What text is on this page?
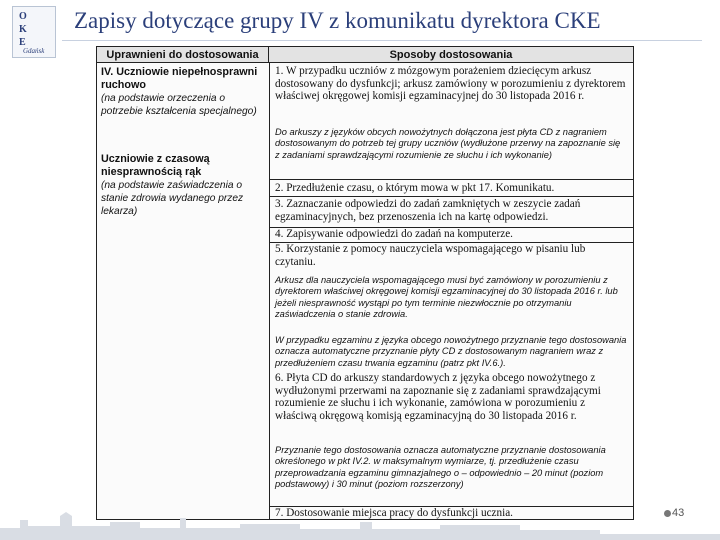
O
K
E
Gdańsk
Zapisy dotyczące grupy IV z komunikatu dyrektora CKE
Uprawnieni do dostosowania	Sposoby dostosowania
IV. Uczniowie niepełnosprawni ruchowo
(na podstawie orzeczenia o potrzebie kształcenia specjalnego)
Uczniowie z czasową niesprawnością rąk
(na podstawie zaświadczenia o stanie zdrowia wydanego przez lekarza)
1. W przypadku uczniów z mózgowym porażeniem dziecięcym arkusz dostosowany do dysfunkcji; arkusz zamówiony w porozumieniu z dyrektorem właściwej okręgowej komisji egzaminacyjnej do 30 listopada 2016 r.
Do arkuszy z języków obcych nowożytnych dołączona jest płyta CD z nagraniem dostosowanym do potrzeb tej grupy uczniów (wydłużone przerwy na zapoznanie się z zadaniami sprawdzającymi rozumienie ze słuchu i ich wykonanie)
2. Przedłużenie czasu, o którym mowa w pkt 17. Komunikatu.
3. Zaznaczanie odpowiedzi do zadań zamkniętych w zeszycie zadań egzaminacyjnych, bez przenoszenia ich na kartę odpowiedzi.
4. Zapisywanie odpowiedzi do zadań na komputerze.
5. Korzystanie z pomocy nauczyciela wspomagającego w pisaniu lub czytaniu.
Arkusz dla nauczyciela wspomagającego musi być zamówiony w porozumieniu z dyrektorem właściwej okręgowej komisji egzaminacyjnej do 30 listopada 2016 r. lub jeżeli niesprawność wystąpi po tym terminie niezwłocznie po otrzymaniu zaświadczenia o stanie zdrowia.
W przypadku egzaminu z języka obcego nowożytnego przyznanie tego dostosowania oznacza automatyczne przyznanie płyty CD z dostosowanym nagraniem wraz z przedłużeniem czasu trwania egzaminu (patrz pkt IV.6.).
6. Płyta CD do arkuszy standardowych z języka obcego nowożytnego z wydłużonymi przerwami na zapoznanie się z zadaniami sprawdzającymi rozumienie ze słuchu i ich wykonanie, zamówiona w porozumieniu z właściwą okręgową komisją egzaminacyjną do 30 listopada 2016 r.
Przyznanie tego dostosowania oznacza automatyczne przyznanie dostosowania określonego w pkt IV.2. w maksymalnym wymiarze, tj. przedłużenie czasu przeprowadzania egzaminu gimnazjalnego o – odpowiednio – 20 minut (poziom podstawowy) i 30 minut (poziom rozszerzony)
7. Dostosowanie miejsca pracy do dysfunkcji ucznia.	43
